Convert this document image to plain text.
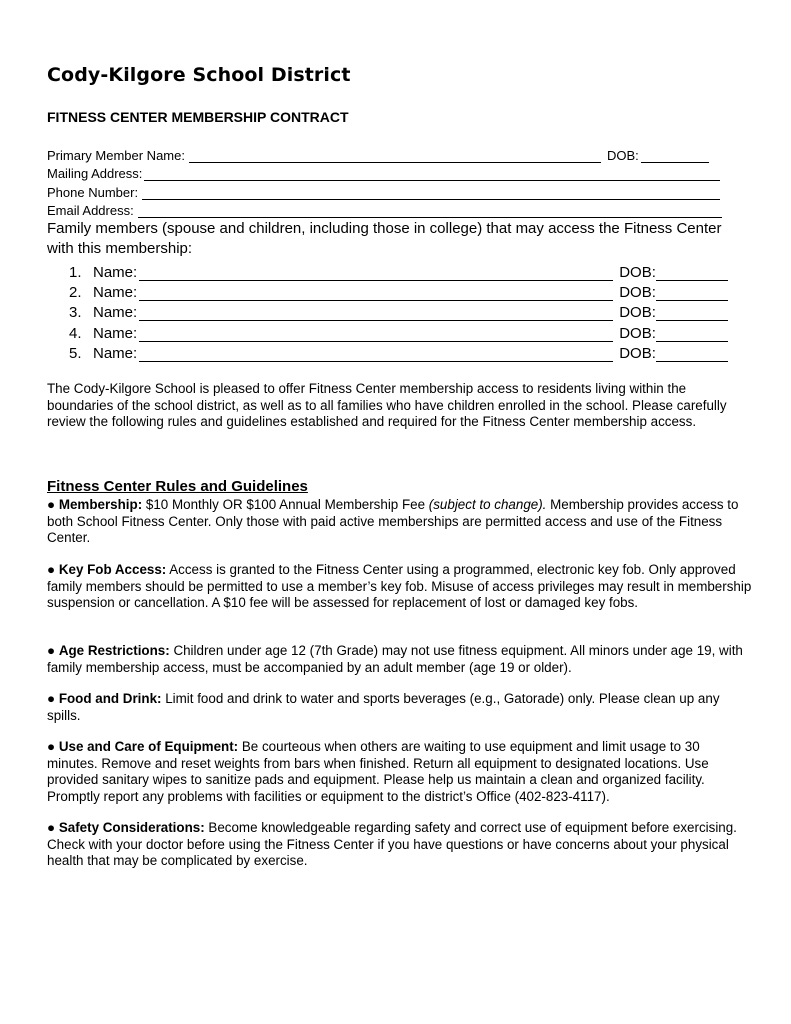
Cody-Kilgore School District
FITNESS CENTER MEMBERSHIP CONTRACT
Primary Member Name:	DOB:
Mailing Address:
Phone Number:
Email Address:
Family members (spouse and children, including those in college) that may access the Fitness Center with this membership:
1. Name:	DOB:
2. Name:	DOB:
3. Name:	DOB:
4. Name:	DOB:
5. Name:	DOB:
The Cody-Kilgore School is pleased to offer Fitness Center membership access to residents living within the boundaries of the school district, as well as to all families who have children enrolled in the school. Please carefully review the following rules and guidelines established and required for the Fitness Center membership access.
Fitness Center Rules and Guidelines
● Membership: $10 Monthly OR $100 Annual Membership Fee (subject to change). Membership provides access to both School Fitness Center. Only those with paid active memberships are permitted access and use of the Fitness Center.
● Key Fob Access: Access is granted to the Fitness Center using a programmed, electronic key fob. Only approved family members should be permitted to use a member’s key fob. Misuse of access privileges may result in membership suspension or cancellation. A $10 fee will be assessed for replacement of lost or damaged key fobs.
● Age Restrictions: Children under age 12 (7th Grade) may not use fitness equipment. All minors under age 19, with family membership access, must be accompanied by an adult member (age 19 or older).
● Food and Drink: Limit food and drink to water and sports beverages (e.g., Gatorade) only. Please clean up any spills.
● Use and Care of Equipment: Be courteous when others are waiting to use equipment and limit usage to 30 minutes. Remove and reset weights from bars when finished. Return all equipment to designated locations. Use provided sanitary wipes to sanitize pads and equipment. Please help us maintain a clean and organized facility. Promptly report any problems with facilities or equipment to the district’s Office (402-823-4117).
● Safety Considerations: Become knowledgeable regarding safety and correct use of equipment before exercising. Check with your doctor before using the Fitness Center if you have questions or have concerns about your physical health that may be complicated by exercise.
